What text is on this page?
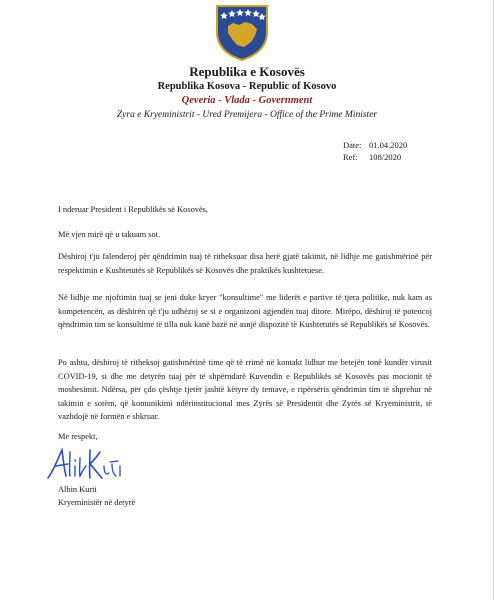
Republika e Kosovës
Republika Kosova - Republic of Kosovo
Qeveria - Vlada - Government
Zyra e Kryeministrit - Ured Premijera - Office of the Prime Minister
Date: 01.04.2020
Ref: 108/2020
I nderuar President i Republikës së Kosovës,
Më vjen mirë që u takuam sot.
Dëshiroj t'ju falenderoj për qëndrimin tuaj të ritheksuar disa herë gjatë takimit, në lidhje me gatishmërinë për respektimin e Kushtetutës së Republikës së Kosovës dhe praktikës kushtetuese.
Në lidhje me njoftimin tuaj se jeni duke kryer "konsultime" me liderët e partive të tjera politike, nuk kam as kompetencën, as dëshirën që t'ju udhëzoj se si e organizoni agjendën tuaj ditore. Mirëpo, dëshiroj të potencoj qëndrimin tim se konsultime të tilla nuk kanë bazë në asnjë dispozitë të Kushtetutës së Republikës së Kosovës.
Po ashtu, dëshiroj të ritheksoj gatishmërinë time që të rrimë në kontakt lidhur me betejën tonë kundër virusit COVID-19, si dhe me detyrën tuaj për të shpërndarë Kuvendin e Republikës së Kosovës pas mocionit të mosbesimit. Ndërsa, për çdo çështje tjetër jashtë këtyre dy temave, e ripërsëris qëndrimin tim të shprehur në takimin e sotëm, që komunikimi ndërinstitucional mes Zyrës së Presidentit dhe Zyrës së Kryeministrit, të vazhdojë në formën e shkruar.
Me respekt,
Albin Kurti
Kryeministër në detyrë
